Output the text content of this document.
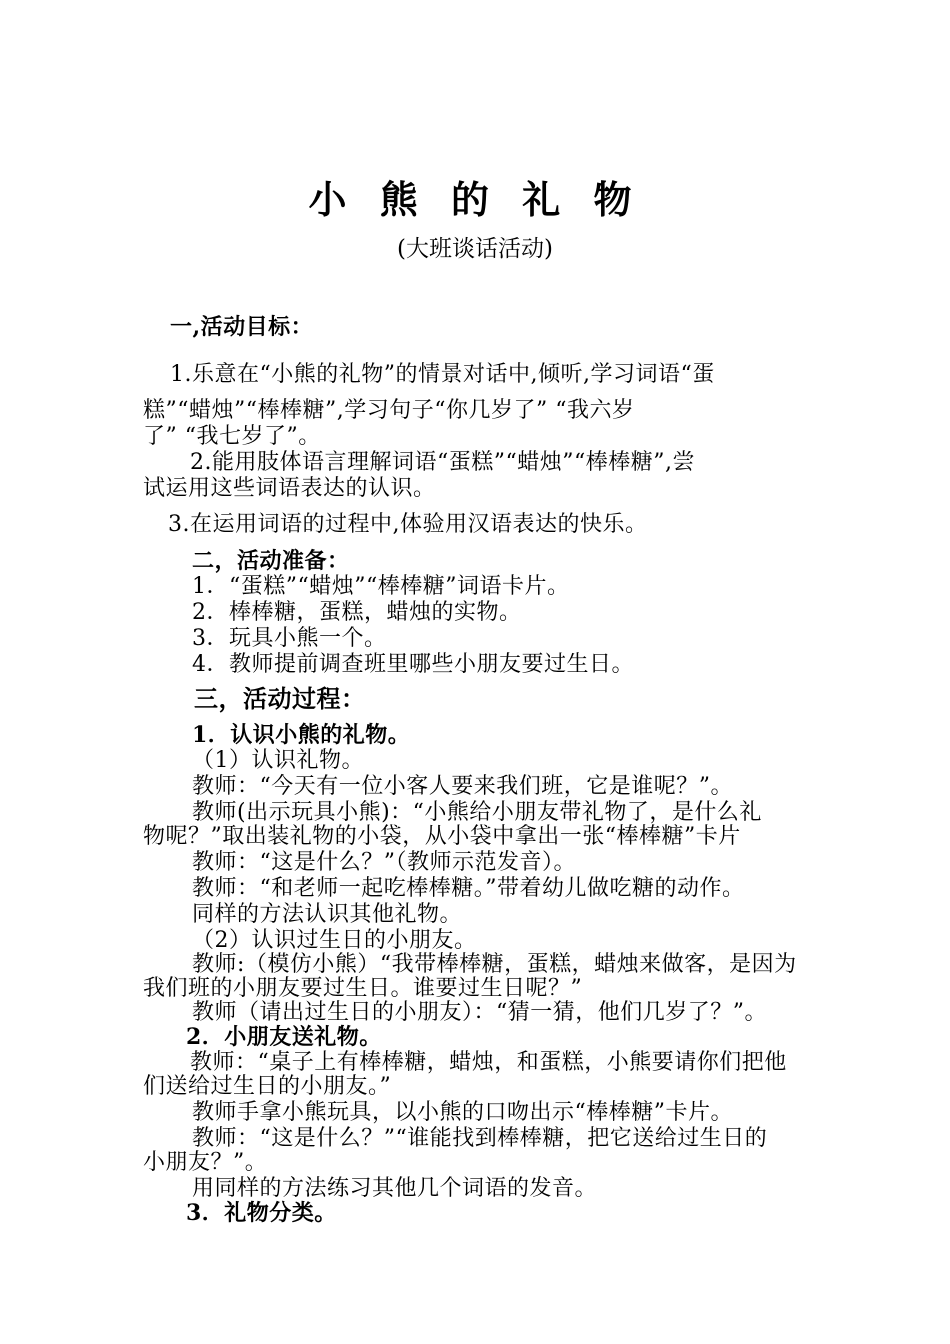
小 熊 的 礼 物

(大班谈话活动)

一,活动目标：

1.乐意在“小熊的礼物”的情景对话中,倾听,学习词语“蛋

糕”“蜡烛”“棒棒糖”,学习句子“你几岁了” “我六岁

了” “我七岁了”。

2.能用肢体语言理解词语“蛋糕”“蜡烛”“棒棒糖”,尝

试运用这些词语表达的认识。

3.在运用词语的过程中,体验用汉语表达的快乐。

二，活动准备：

1．“蛋糕”“蜡烛”“棒棒糖”词语卡片。

2．棒棒糖，蛋糕，蜡烛的实物。

3．玩具小熊一个。

4．教师提前调查班里哪些小朋友要过生日。

三，活动过程：

1．认识小熊的礼物。

（1）认识礼物。

教师：“今天有一位小客人要来我们班，它是谁呢？”。

教师(出示玩具小熊)：“小熊给小朋友带礼物了，是什么礼

物呢？”取出装礼物的小袋，从小袋中拿出一张“棒棒糖”卡片

教师：“这是什么？”（教师示范发音）。

教师：“和老师一起吃棒棒糖。”带着幼儿做吃糖的动作。

同样的方法认识其他礼物。

（2）认识过生日的小朋友。

教师:（模仿小熊）“我带棒棒糖，蛋糕，蜡烛来做客，是因为

我们班的小朋友要过生日。谁要过生日呢？”

教师（请出过生日的小朋友）：“猜一猜，他们几岁了？”。

2．小朋友送礼物。

教师：“桌子上有棒棒糖，蜡烛，和蛋糕，小熊要请你们把他

们送给过生日的小朋友。”

教师手拿小熊玩具，以小熊的口吻出示“棒棒糖”卡片。

教师：“这是什么？”“谁能找到棒棒糖，把它送给过生日的

小朋友？”。

用同样的方法练习其他几个词语的发音。

3．礼物分类。
